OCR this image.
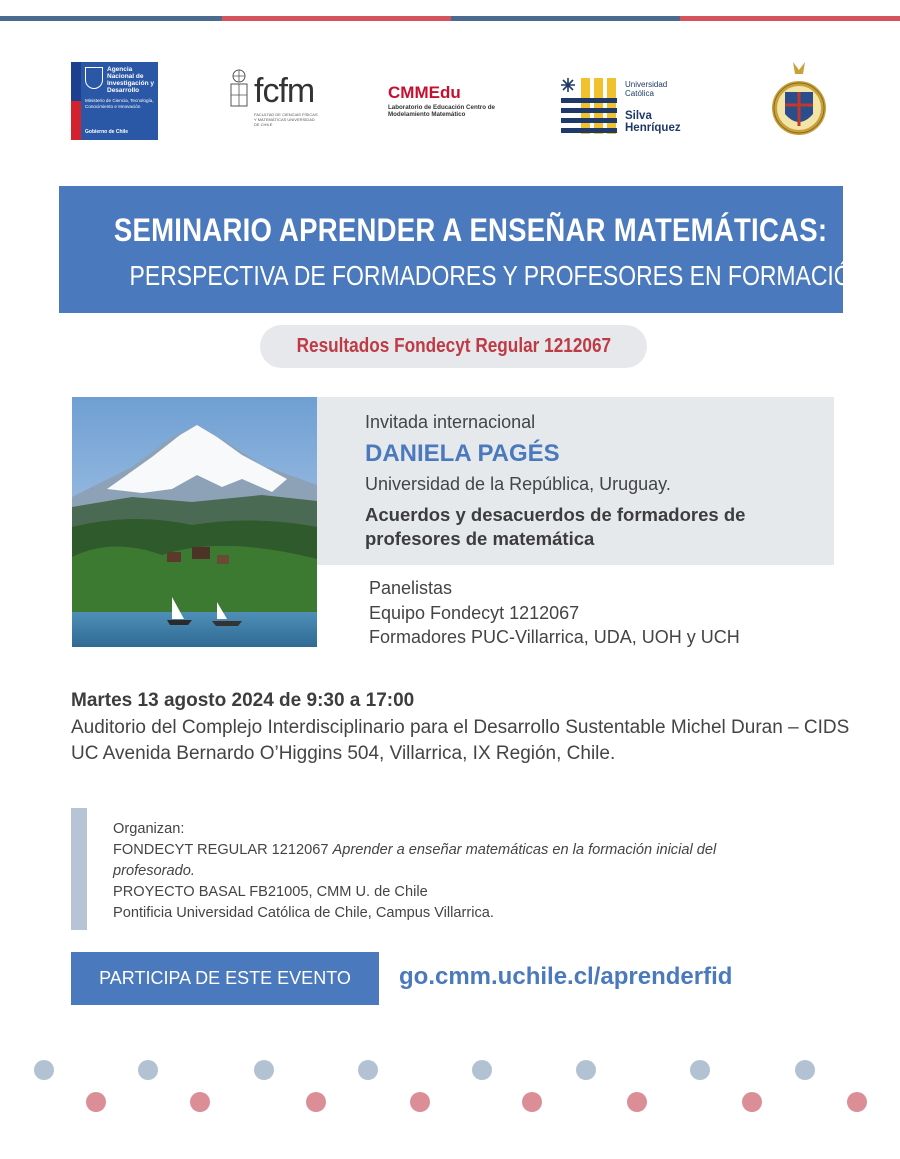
Agencia Nacional de Investigación y Desarrollo
Ministerio de Ciencia, Tecnología, Conocimiento e Innovación
Gobierno de Chile
fcfm
FACULTAD DE CIENCIAS FÍSICAS Y MATEMÁTICAS UNIVERSIDAD DE CHILE
CMMEdu
Laboratorio de Educación Centro de Modelamiento Matemático
Universidad
Católica
Silva
Henríquez
SEMINARIO APRENDER A ENSEÑAR MATEMÁTICAS:
PERSPECTIVA DE FORMADORES Y PROFESORES EN FORMACIÓN
Resultados Fondecyt Regular 1212067
Invitada internacional
DANIELA PAGÉS
Universidad de la República, Uruguay.
Acuerdos y desacuerdos de formadores de profesores de matemática
Panelistas
Equipo Fondecyt 1212067
Formadores PUC-Villarrica, UDA, UOH y UCH
Martes 13 agosto 2024 de 9:30 a 17:00
Auditorio del Complejo Interdisciplinario para el Desarrollo Sustentable Michel Duran – CIDS UC Avenida Bernardo O’Higgins 504, Villarrica, IX Región, Chile.
Organizan:
FONDECYT REGULAR 1212067 Aprender a enseñar matemáticas en la formación inicial del profesorado.
PROYECTO BASAL FB21005, CMM U. de Chile
Pontificia Universidad Católica de Chile, Campus Villarrica.
PARTICIPA DE ESTE EVENTO	go.cmm.uchile.cl/aprenderfid
